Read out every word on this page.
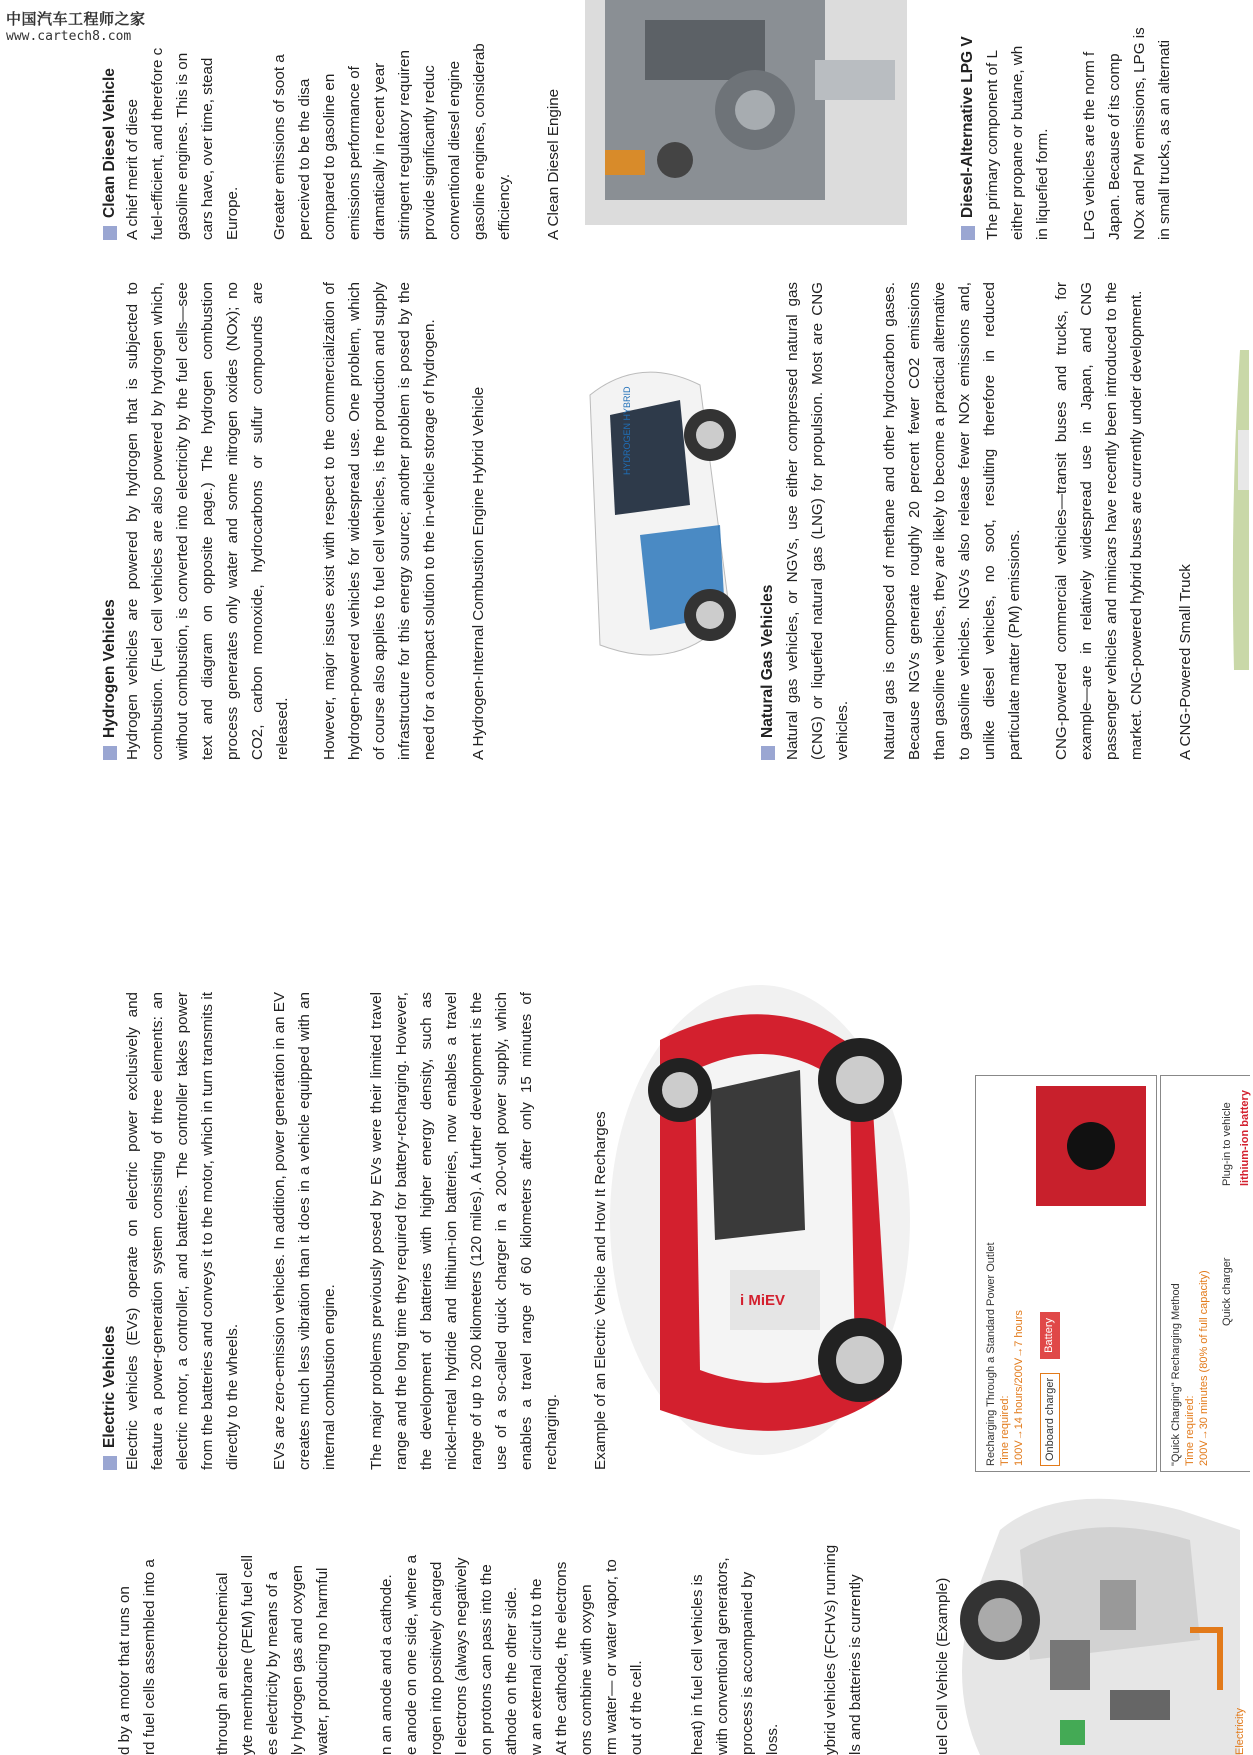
中国汽车工程师之家
www.cartech8.com

d by a motor that runs on rd fuel cells assembled into a	through an electrochemical yte membrane (PEM) fuel cell es electricity by means of a ly hydrogen gas and oxygen water, producing no harmful	n an anode and a cathode. e anode on one side, where a rogen into positively charged l electrons (always negatively on protons can pass into the athode on the other side. w an external circuit to the At the cathode, the electrons ons combine with oxygen rm water— or water vapor, to out of the cell.	heat) in fuel cell vehicles is with conventional generators, process is accompanied by loss.	ybrid vehicles (FCHVs) running ls and batteries is currently	uel Cell Vehicle (Example)	Electricity

Electric Vehicles Electric vehicles (EVs) operate on electric power exclusively and feature a power-generation system consisting of three elements: an electric motor, a controller, and batteries. The controller takes power from the batteries and conveys it to the motor, which in turn transmits it directly to the wheels. EVs are zero-emission vehicles. In addition, power generation in an EV creates much less vibration than it does in a vehicle equipped with an internal combustion engine. The major problems previously posed by EVs were their limited travel range and the long time they required for battery-recharging. However, the development of batteries with higher energy density, such as nickel-metal hydride and lithium-ion batteries, now enables a travel range of up to 200 kilometers (120 miles). A further development is the use of a so-called quick charger in a 200-volt power supply, which enables a travel range of 60 kilometers after only 15 minutes of recharging. Example of an Electric Vehicle and How It Recharges	i MiEV	Recharging Through a Standard Power Outlet Time required: 100V→14 hours/200V→7 hours	Onboard charger
Battery	"Quick Charging" Recharging Method Time required: 200V→30 minutes (80% of full capacity)	Quick charger
Plug-in to vehicle lithium-ion battery

Hydrogen Vehicles Hydrogen vehicles are powered by hydrogen that is subjected to combustion. (Fuel cell vehicles are also powered by hydrogen which, without combustion, is converted into electricity by the fuel cells—see text and diagram on opposite page.) The hydrogen combustion process generates only water and some nitrogen oxides (NOx); no CO2, carbon monoxide, hydrocarbons or sulfur compounds are released. However, major issues exist with respect to the commercialization of hydrogen-powered vehicles for widespread use. One problem, which of course also applies to fuel cell vehicles, is the production and supply infrastructure for this energy source; another problem is posed by the need for a compact solution to the in-vehicle storage of hydrogen. A Hydrogen-Internal Combustion Engine Hybrid Vehicle	HYDROGEN HYBRID

Natural Gas Vehicles Natural gas vehicles, or NGVs, use either compressed natural gas (CNG) or liquefied natural gas (LNG) for propulsion. Most are CNG vehicles. Natural gas is composed of methane and other hydrocarbon gases. Because NGVs generate roughly 20 percent fewer CO2 emissions than gasoline vehicles, they are likely to become a practical alternative to gasoline vehicles. NGVs also release fewer NOx emissions and, unlike diesel vehicles, no soot, resulting therefore in reduced particulate matter (PM) emissions. CNG-powered commercial vehicles—transit buses and trucks, for example—are in relatively widespread use in Japan, and CNG passenger vehicles and minicars have recently been introduced to the market. CNG-powered hybrid buses are currently under development. A CNG-Powered Small Truck

Clean Diesel Vehicle A chief merit of diese fuel-efficient, and therefore c gasoline engines. This is on cars have, over time, stead Europe. Greater emissions of soot a perceived to be the disa compared to gasoline en emissions performance of dramatically in recent year stringent regulatory requiren provide significantly reduc conventional diesel engine gasoline engines, considerab efficiency. A Clean Diesel Engine	Diesel-Alternative LPG V The primary component of L either propane or butane, wh in liquefied form. LPG vehicles are the norm f Japan. Because of its comp NOx and PM emissions, LPG is in small trucks, as an alternati
